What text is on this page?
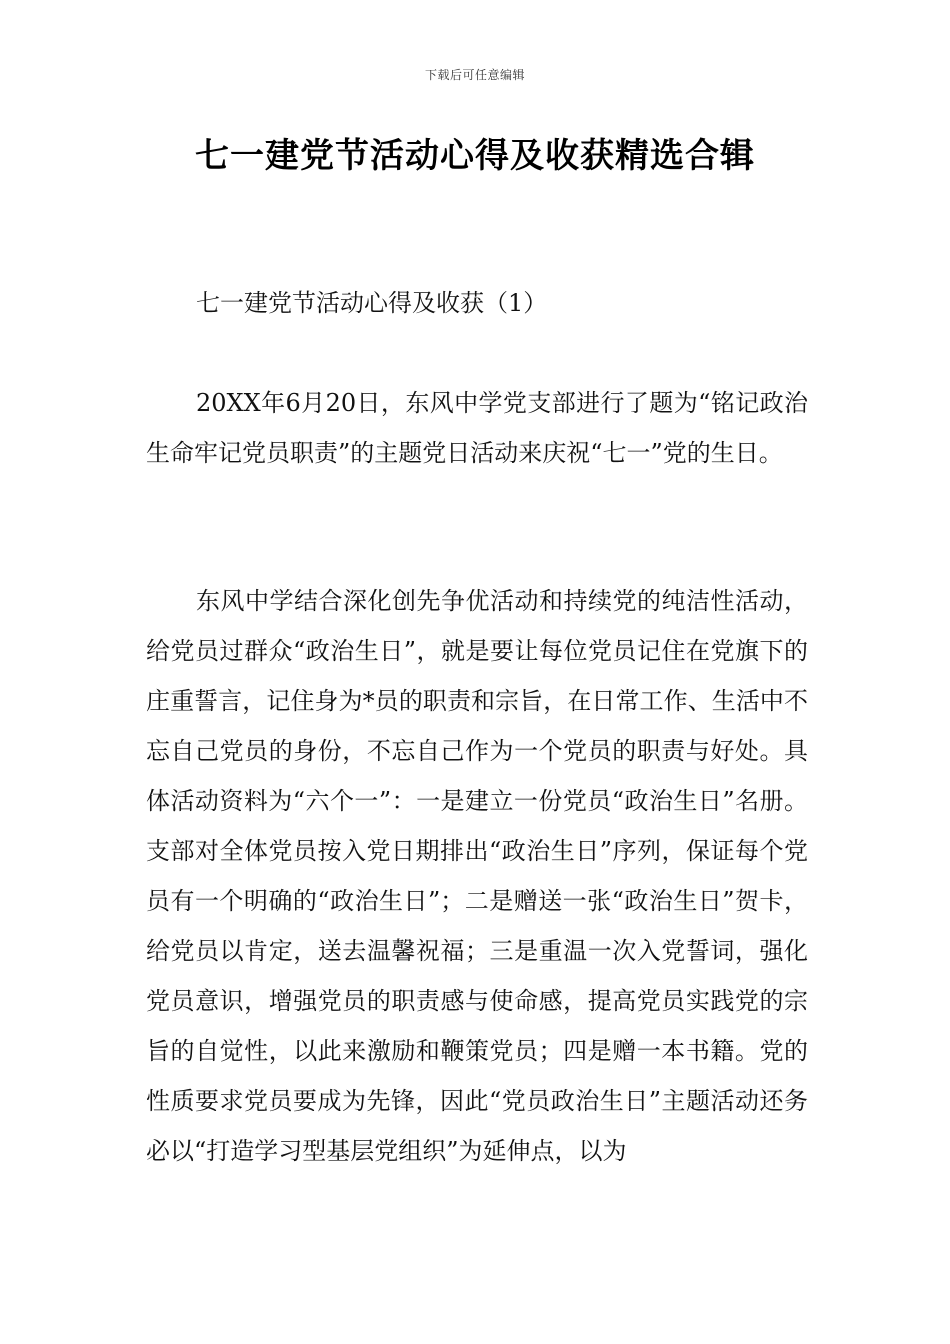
下载后可任意编辑
七一建党节活动心得及收获精选合辑
七一建党节活动心得及收获（1）

20XX年6月20日，东风中学党支部进行了题为“铭记政治生命牢记党员职责”的主题党日活动来庆祝“七一”党的生日。

东风中学结合深化创先争优活动和持续党的纯洁性活动，给党员过群众“政治生日”，就是要让每位党员记住在党旗下的庄重誓言，记住身为*员的职责和宗旨，在日常工作、生活中不忘自己党员的身份，不忘自己作为一个党员的职责与好处。具体活动资料为“六个一”：一是建立一份党员“政治生日”名册。支部对全体党员按入党日期排出“政治生日”序列，保证每个党员有一个明确的“政治生日”；二是赠送一张“政治生日”贺卡，给党员以肯定，送去温馨祝福；三是重温一次入党誓词，强化党员意识，增强党员的职责感与使命感，提高党员实践党的宗旨的自觉性，以此来激励和鞭策党员；四是赠一本书籍。党的性质要求党员要成为先锋，因此“党员政治生日”主题活动还务必以“打造学习型基层党组织”为延伸点，以为
